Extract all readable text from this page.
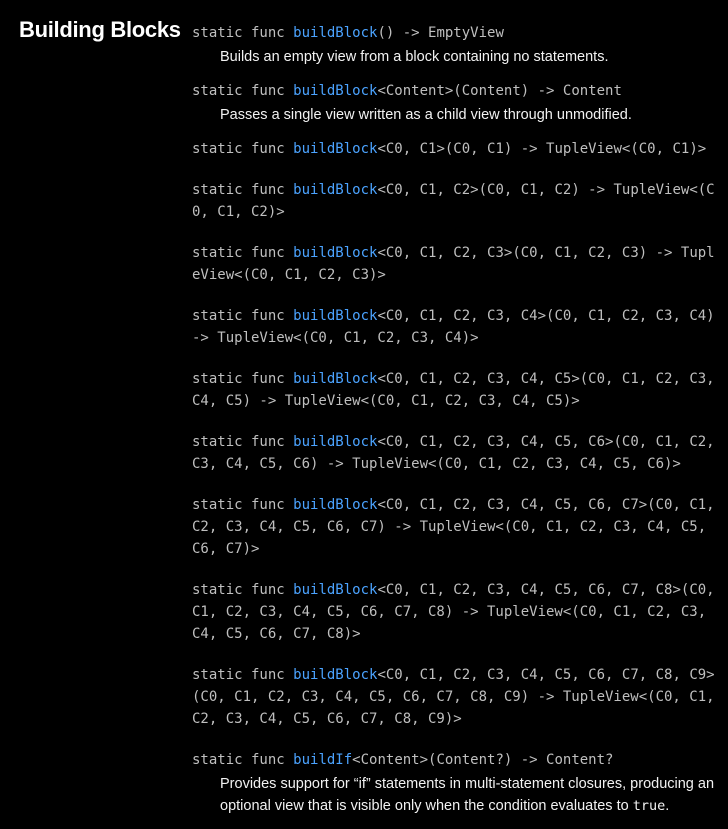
Building Blocks static func buildBlock() -> EmptyView

Builds an empty view from a block containing no statements.

static func buildBlock<Content>(Content) -> Content

Passes a single view written as a child view through unmodified.

static func buildBlock<C0, C1>(C0, C1) -> TupleView<(C0, C1)>

static func buildBlock<C0, C1, C2>(C0, C1, C2) -> TupleView<(C0, C1, C2)>

static func buildBlock<C0, C1, C2, C3>(C0, C1, C2, C3) -> TupleView<(C0, C1, C2, C3)>

static func buildBlock<C0, C1, C2, C3, C4>(C0, C1, C2, C3, C4) -> TupleView<(C0, C1, C2, C3, C4)>

static func buildBlock<C0, C1, C2, C3, C4, C5>(C0, C1, C2, C3, C4, C5) -> TupleView<(C0, C1, C2, C3, C4, C5)>

static func buildBlock<C0, C1, C2, C3, C4, C5, C6>(C0, C1, C2, C3, C4, C5, C6) -> TupleView<(C0, C1, C2, C3, C4, C5, C6)>

static func buildBlock<C0, C1, C2, C3, C4, C5, C6, C7>(C0, C1, C2, C3, C4, C5, C6, C7) -> TupleView<(C0, C1, C2, C3, C4, C5, C6, C7)>

static func buildBlock<C0, C1, C2, C3, C4, C5, C6, C7, C8>(C0, C1, C2, C3, C4, C5, C6, C7, C8) -> TupleView<(C0, C1, C2, C3, C4, C5, C6, C7, C8)>

static func buildBlock<C0, C1, C2, C3, C4, C5, C6, C7, C8, C9>(C0, C1, C2, C3, C4, C5, C6, C7, C8, C9) -> TupleView<(C0, C1, C2, C3, C4, C5, C6, C7, C8, C9)>

static func buildIf<Content>(Content?) -> Content?

Provides support for “if” statements in multi-statement closures, producing an optional view that is visible only when the condition evaluates to true.
